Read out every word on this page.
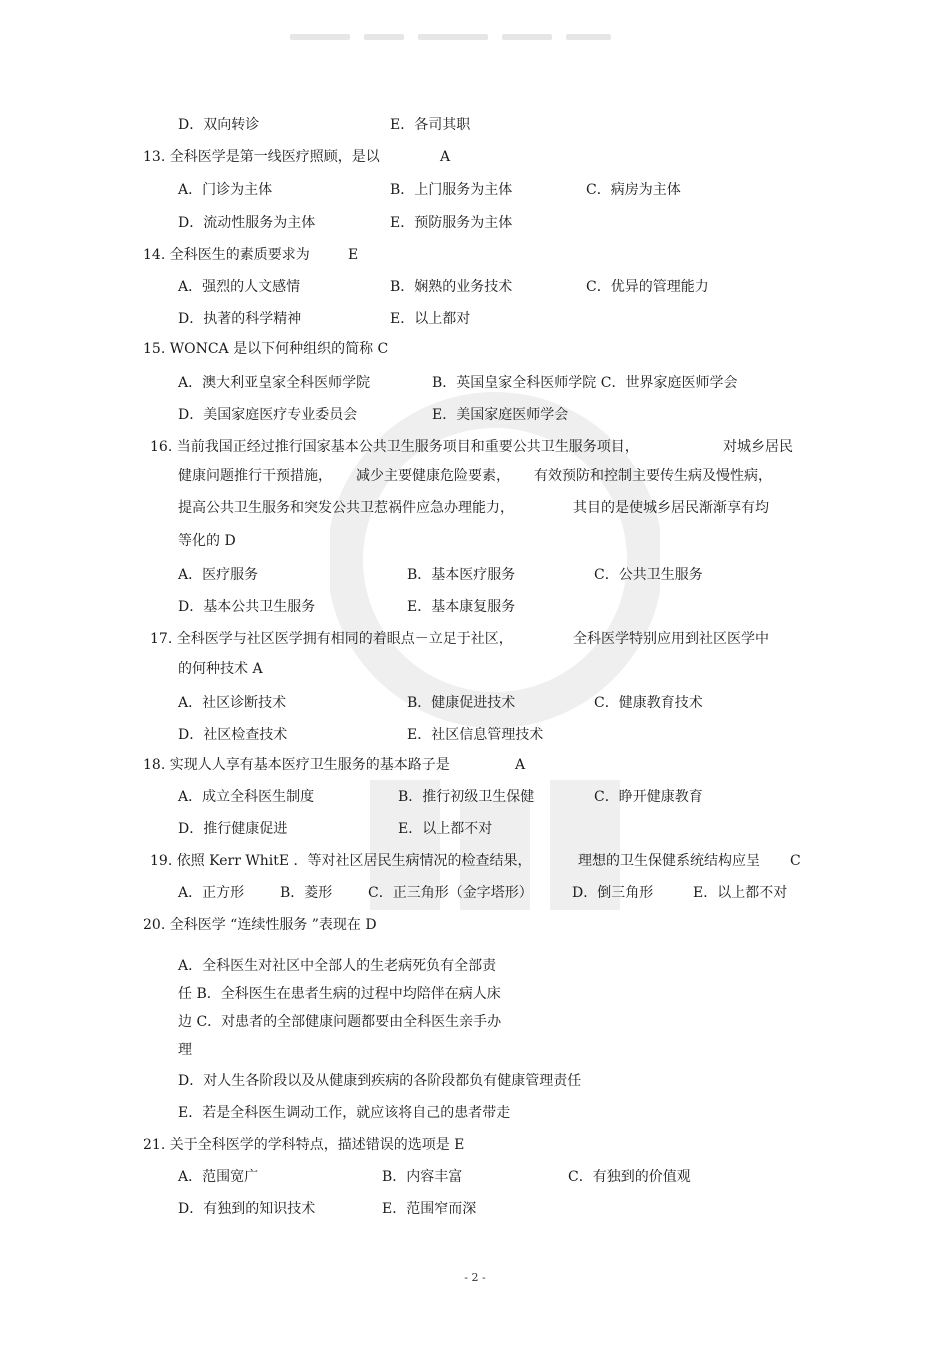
D．双向转诊	E．各司其职
13. 全科医学是第一线医疗照顾，是以	A
A．门诊为主体	B．上门服务为主体	C．病房为主体
D．流动性服务为主体	E．预防服务为主体
14. 全科医生的素质要求为	E
A．强烈的人文感情	B．娴熟的业务技术	C．优异的管理能力
D．执著的科学精神	E．以上都对
15. WONCA 是以下何种组织的简称 C
A．澳大利亚皇家全科医师学院	B．英国皇家全科医师学院 C．世界家庭医师学会
D．美国家庭医疗专业委员会	E．美国家庭医师学会
16. 当前我国正经过推行国家基本公共卫生服务项目和重要公共卫生服务项目，	对城乡居民
健康问题推行干预措施， 减少主要健康危险要素， 有效预防和控制主要传生病及慢性病，
提高公共卫生服务和突发公共卫惹祸件应急办理能力，	其目的是使城乡居民渐渐享有均
等化的 D
A．医疗服务	B．基本医疗服务	C．公共卫生服务
D．基本公共卫生服务	E．基本康复服务
17. 全科医学与社区医学拥有相同的着眼点－立足于社区，	全科医学特别应用到社区医学中
的何种技术 A
A．社区诊断技术	B．健康促进技术	C．健康教育技术
D．社区检查技术	E．社区信息管理技术
18. 实现人人享有基本医疗卫生服务的基本路子是	A
A．成立全科医生制度	B．推行初级卫生保健	C．睁开健康教育
D．推行健康促进	E．以上都不对
19. 依照 Kerr WhitE ．等对社区居民生病情况的检查结果，	理想的卫生保健系统结构应呈 C
A．正方形	B．菱形	C．正三角形（金字塔形）	D．倒三角形	E．以上都不对
20. 全科医学 “连续性服务 ”表现在 D
A．全科医生对社区中全部人的生老病死负有全部责
任 B．全科医生在患者生病的过程中均陪伴在病人床
边 C．对患者的全部健康问题都要由全科医生亲手办
理
D．对人生各阶段以及从健康到疾病的各阶段都负有健康管理责任
E．若是全科医生调动工作，就应该将自己的患者带走
21. 关于全科医学的学科特点，描述错误的选项是 E
A．范围宽广	B．内容丰富	C．有独到的价值观
D．有独到的知识技术	E．范围窄而深
- 2 -
